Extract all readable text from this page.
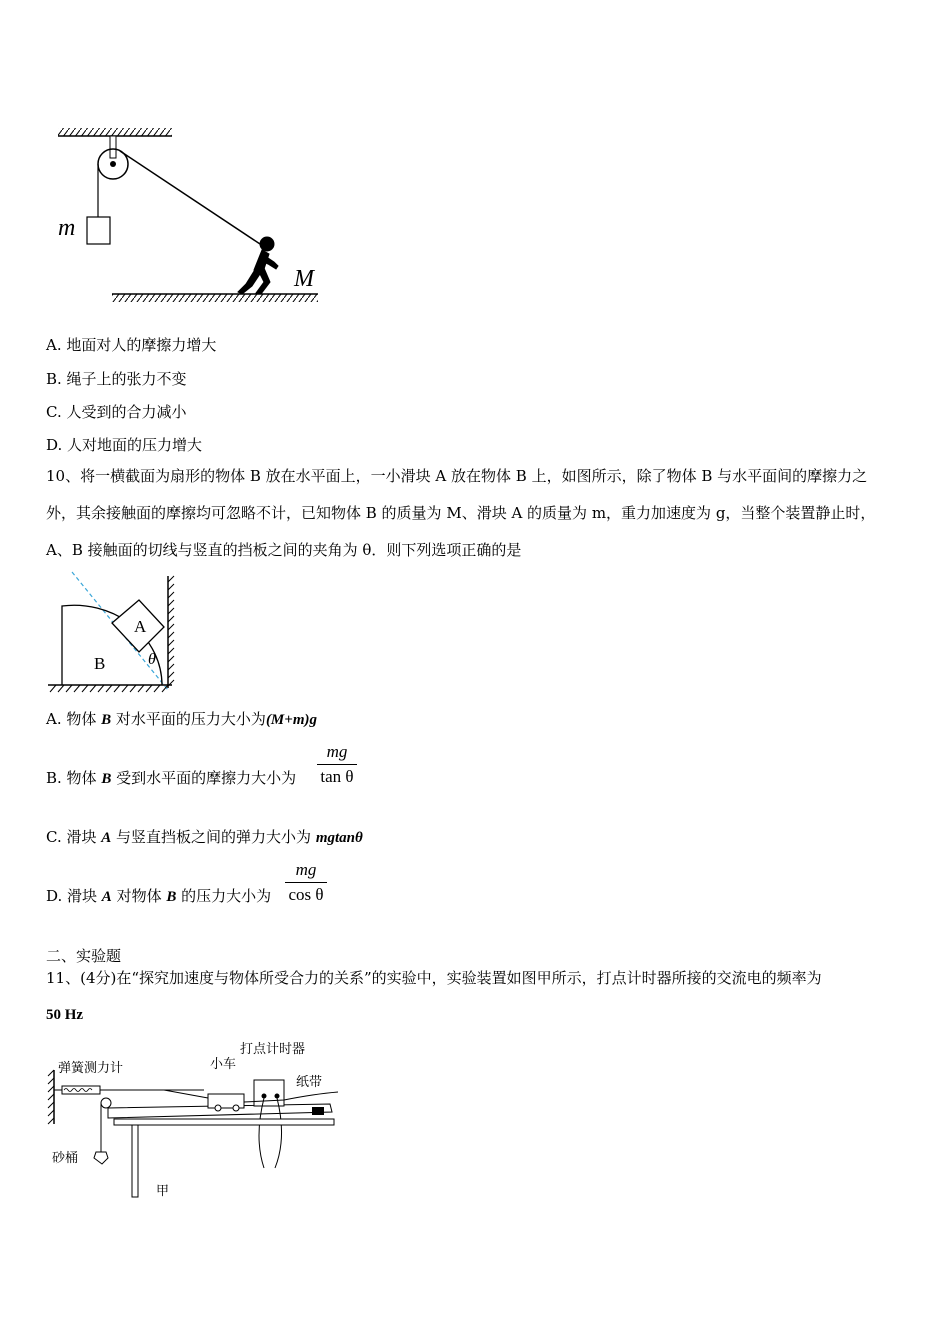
m
M
A. 地面对人的摩擦力增大
B. 绳子上的张力不变
C. 人受到的合力减小
D. 人对地面的压力增大
10、将一横截面为扇形的物体 B 放在水平面上，一小滑块 A 放在物体 B 上，如图所示，除了物体 B 与水平面间的摩擦力之
外，其余接触面的摩擦均可忽略不计，已知物体 B 的质量为 M、滑块 A 的质量为 m，重力加速度为 g，当整个装置静止时，
A、B 接触面的切线与竖直的挡板之间的夹角为 θ．则下列选项正确的是
A
B	θ
A. 物体 B 对水平面的压力大小为(M+m)g
B. 物体 B 受到水平面的摩擦力大小为
mg
tan θ
C. 滑块 A 与竖直挡板之间的弹力大小为 mgtanθ
D. 滑块 A 对物体 B 的压力大小为
mg
cos θ
二、实验题
11、(4分)在“探究加速度与物体所受合力的关系”的实验中，实验装置如图甲所示，打点计时器所接的交流电的频率为
50 Hz
弹簧测力计	小车
打点计时器
纸带
砂桶
甲
